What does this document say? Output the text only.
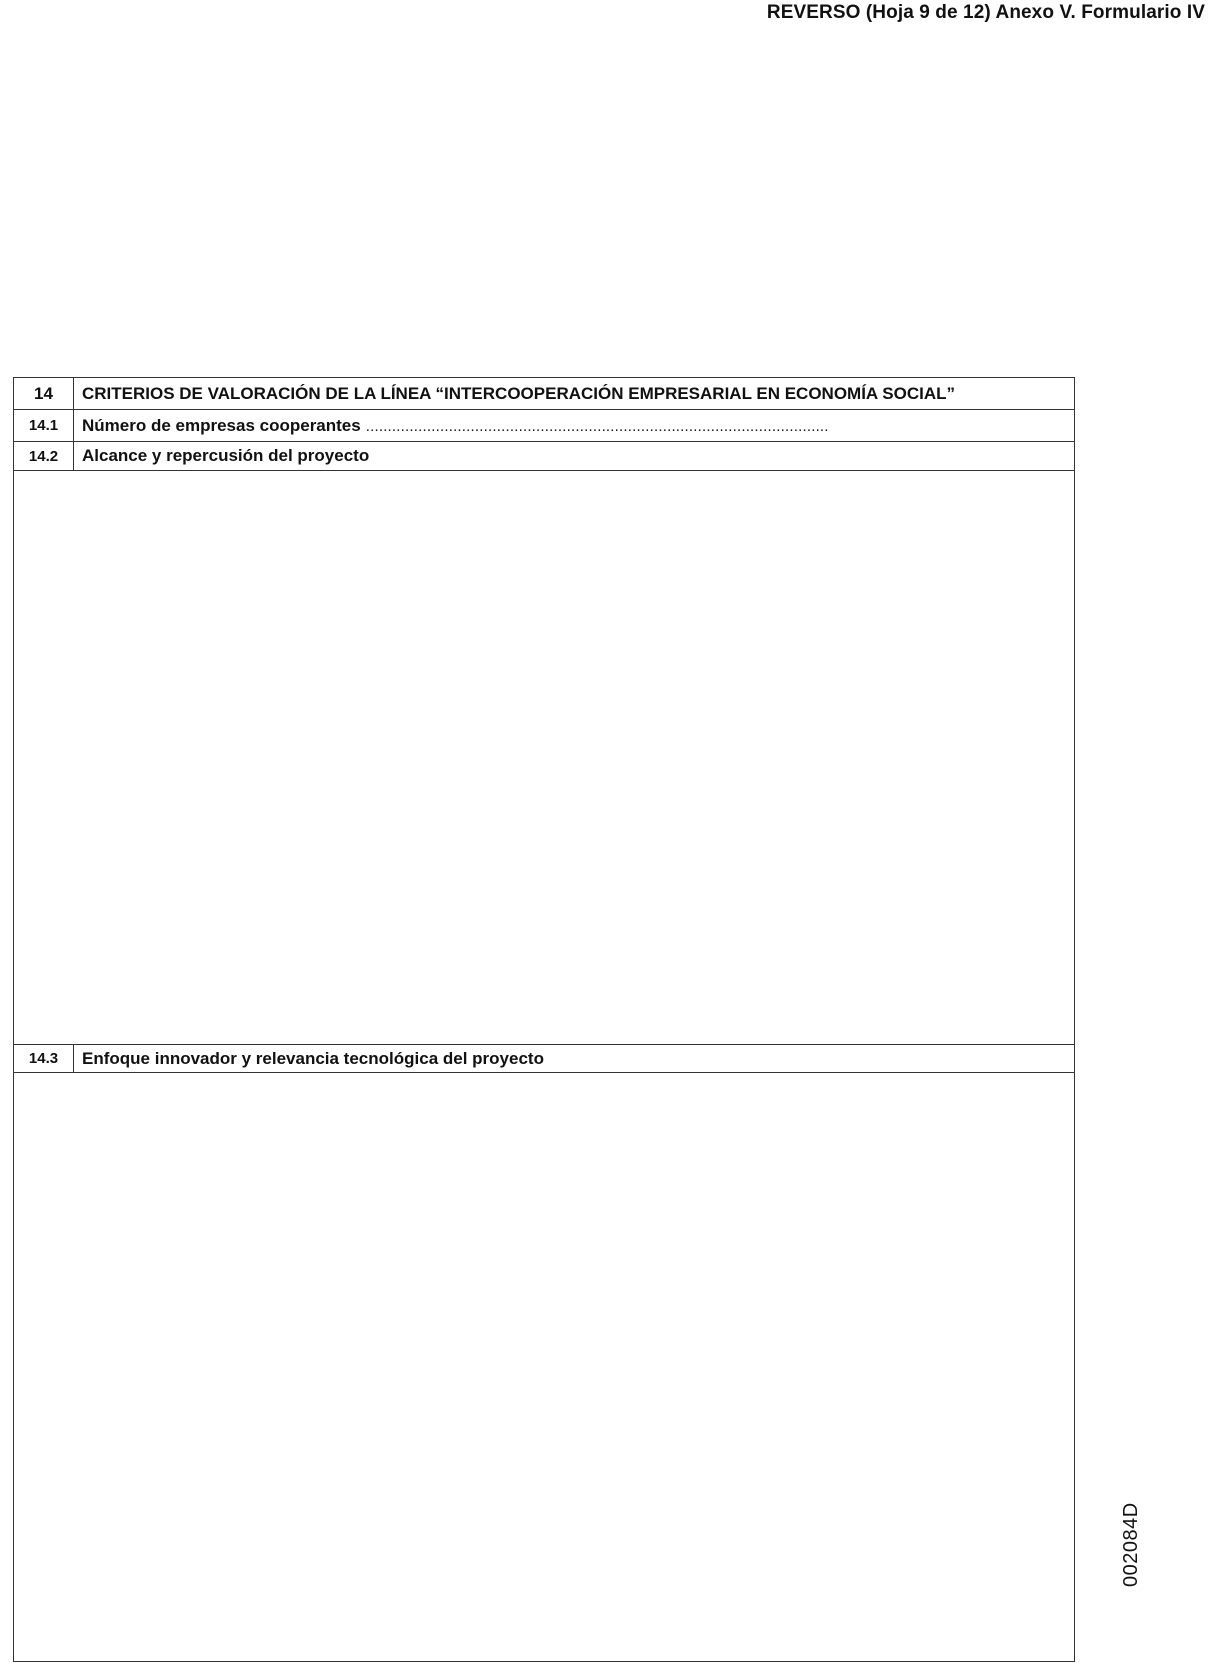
REVERSO (Hoja 9 de 12) Anexo V. Formulario IV
14	CRITERIOS DE VALORACIÓN DE LA LÍNEA “INTERCOOPERACIÓN EMPRESARIAL EN ECONOMÍA SOCIAL”
14.1	Número de empresas cooperantes ..........................................................................................................
14.2	Alcance y repercusión del proyecto
14.3	Enfoque innovador y relevancia tecnológica del proyecto
002084D
